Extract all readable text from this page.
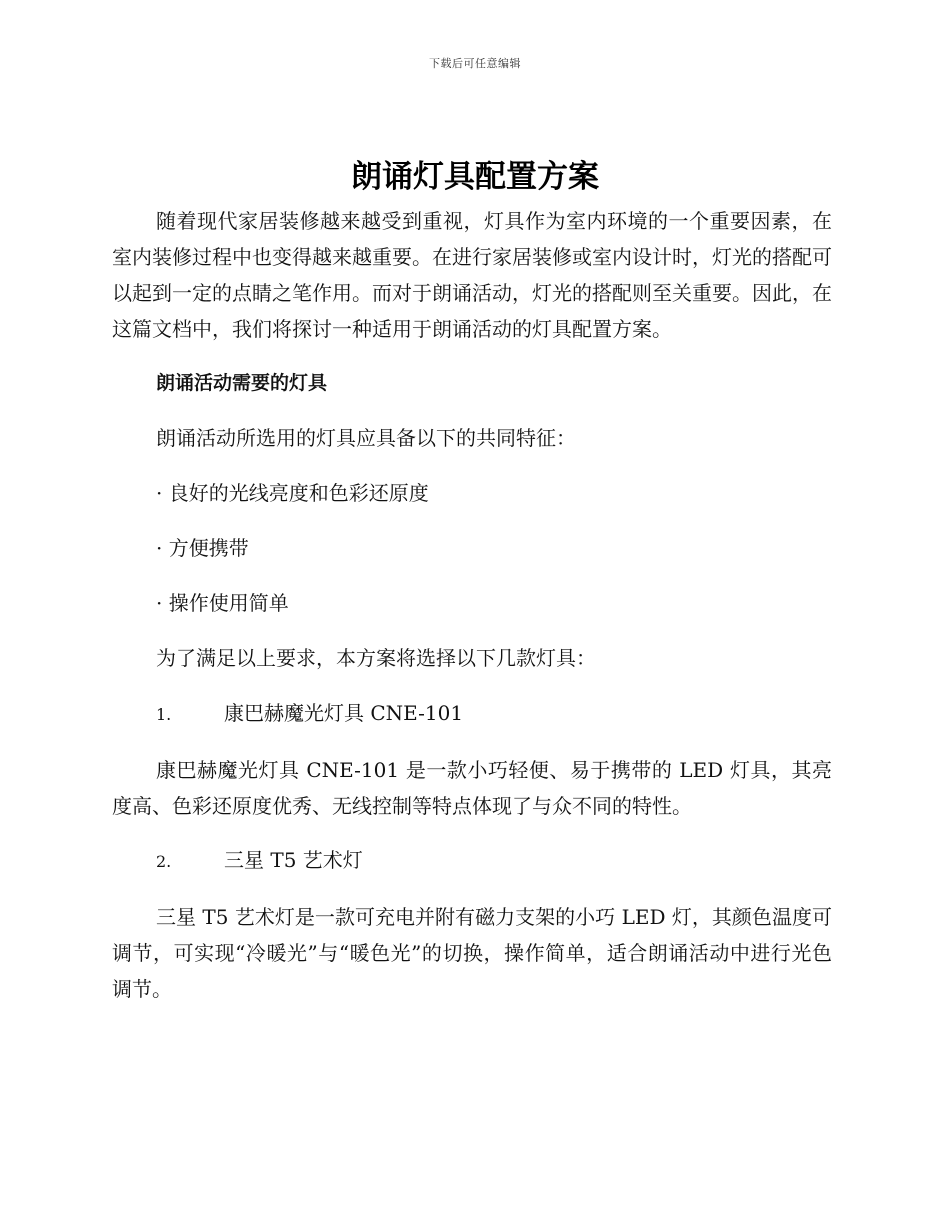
下载后可任意编辑
朗诵灯具配置方案

随着现代家居装修越来越受到重视，灯具作为室内环境的一个重要因素，在室内装修过程中也变得越来越重要。在进行家居装修或室内设计时，灯光的搭配可以起到一定的点睛之笔作用。而对于朗诵活动，灯光的搭配则至关重要。因此，在这篇文档中，我们将探讨一种适用于朗诵活动的灯具配置方案。

朗诵活动需要的灯具

朗诵活动所选用的灯具应具备以下的共同特征：

· 良好的光线亮度和色彩还原度

· 方便携带

· 操作使用简单

为了满足以上要求，本方案将选择以下几款灯具：

1.	康巴赫魔光灯具 CNE-101

康巴赫魔光灯具 CNE-101 是一款小巧轻便、易于携带的 LED 灯具，其亮度高、色彩还原度优秀、无线控制等特点体现了与众不同的特性。

2.	三星 T5 艺术灯

三星 T5 艺术灯是一款可充电并附有磁力支架的小巧 LED 灯，其颜色温度可调节，可实现“冷暖光”与“暖色光”的切换，操作简单，适合朗诵活动中进行光色调节。
